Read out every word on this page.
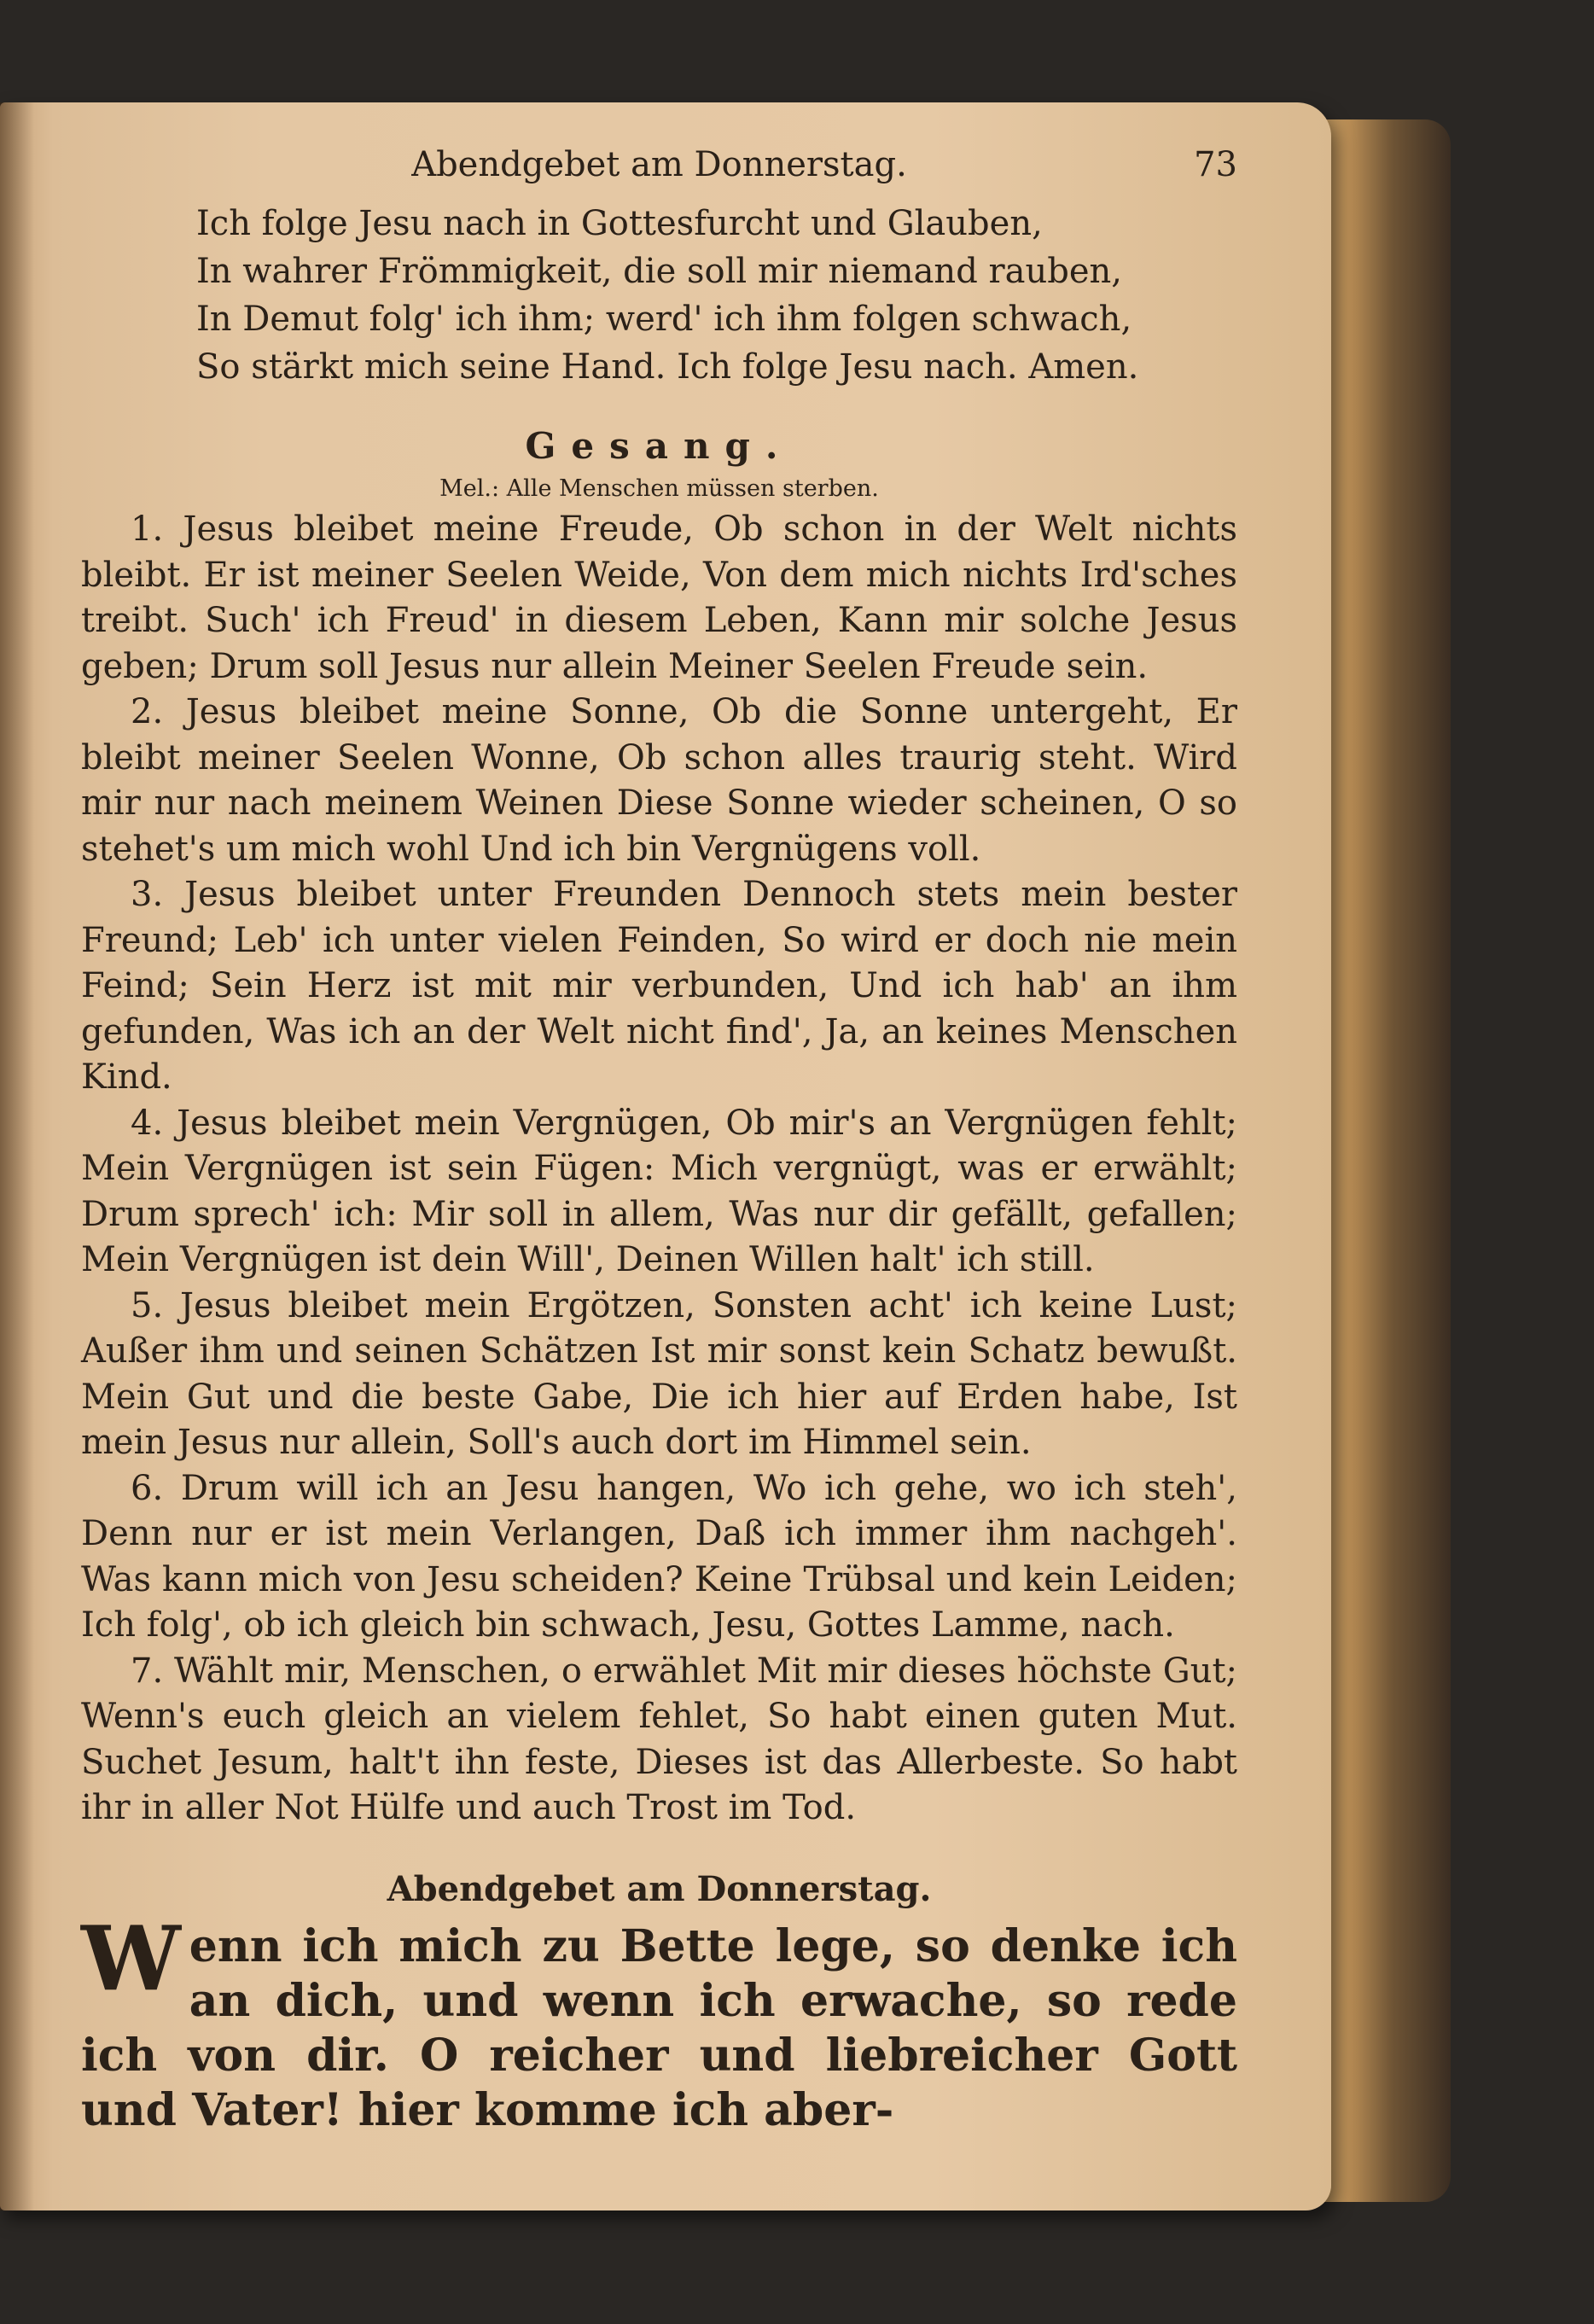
Abendgebet am Donnerstag.	73
Ich folge Jesu nach in Gottesfurcht und Glauben,
In wahrer Frömmigkeit, die soll mir niemand rauben,
In Demut folg' ich ihm; werd' ich ihm folgen schwach,
So stärkt mich seine Hand. Ich folge Jesu nach. Amen.
Gesang.
Mel.: Alle Menschen müssen sterben.

1. Jesus bleibet meine Freude, Ob schon in der Welt nichts bleibt. Er ist meiner Seelen Weide, Von dem mich nichts Ird'sches treibt. Such' ich Freud' in diesem Leben, Kann mir solche Jesus geben; Drum soll Jesus nur allein Meiner Seelen Freude sein.

2. Jesus bleibet meine Sonne, Ob die Sonne untergeht, Er bleibt meiner Seelen Wonne, Ob schon alles traurig steht. Wird mir nur nach meinem Weinen Diese Sonne wieder scheinen, O so stehet's um mich wohl Und ich bin Vergnügens voll.

3. Jesus bleibet unter Freunden Dennoch stets mein bester Freund; Leb' ich unter vielen Feinden, So wird er doch nie mein Feind; Sein Herz ist mit mir verbunden, Und ich hab' an ihm gefunden, Was ich an der Welt nicht find', Ja, an keines Menschen Kind.

4. Jesus bleibet mein Vergnügen, Ob mir's an Vergnügen fehlt; Mein Vergnügen ist sein Fügen: Mich vergnügt, was er erwählt; Drum sprech' ich: Mir soll in allem, Was nur dir gefällt, gefallen; Mein Vergnügen ist dein Will', Deinen Willen halt' ich still.

5. Jesus bleibet mein Ergötzen, Sonsten acht' ich keine Lust; Außer ihm und seinen Schätzen Ist mir sonst kein Schatz bewußt. Mein Gut und die beste Gabe, Die ich hier auf Erden habe, Ist mein Jesus nur allein, Soll's auch dort im Himmel sein.

6. Drum will ich an Jesu hangen, Wo ich gehe, wo ich steh', Denn nur er ist mein Verlangen, Daß ich immer ihm nachgeh'. Was kann mich von Jesu scheiden? Keine Trübsal und kein Leiden; Ich folg', ob ich gleich bin schwach, Jesu, Gottes Lamme, nach.

7. Wählt mir, Menschen, o erwählet Mit mir dieses höchste Gut; Wenn's euch gleich an vielem fehlet, So habt einen guten Mut. Suchet Jesum, halt't ihn feste, Dieses ist das Allerbeste. So habt ihr in aller Not Hülfe und auch Trost im Tod.

Abendgebet am Donnerstag.
Wenn ich mich zu Bette lege, so denke ich an dich, und wenn ich erwache, so rede ich von dir. O reicher und liebreicher Gott und Vater! hier komme ich aber-
